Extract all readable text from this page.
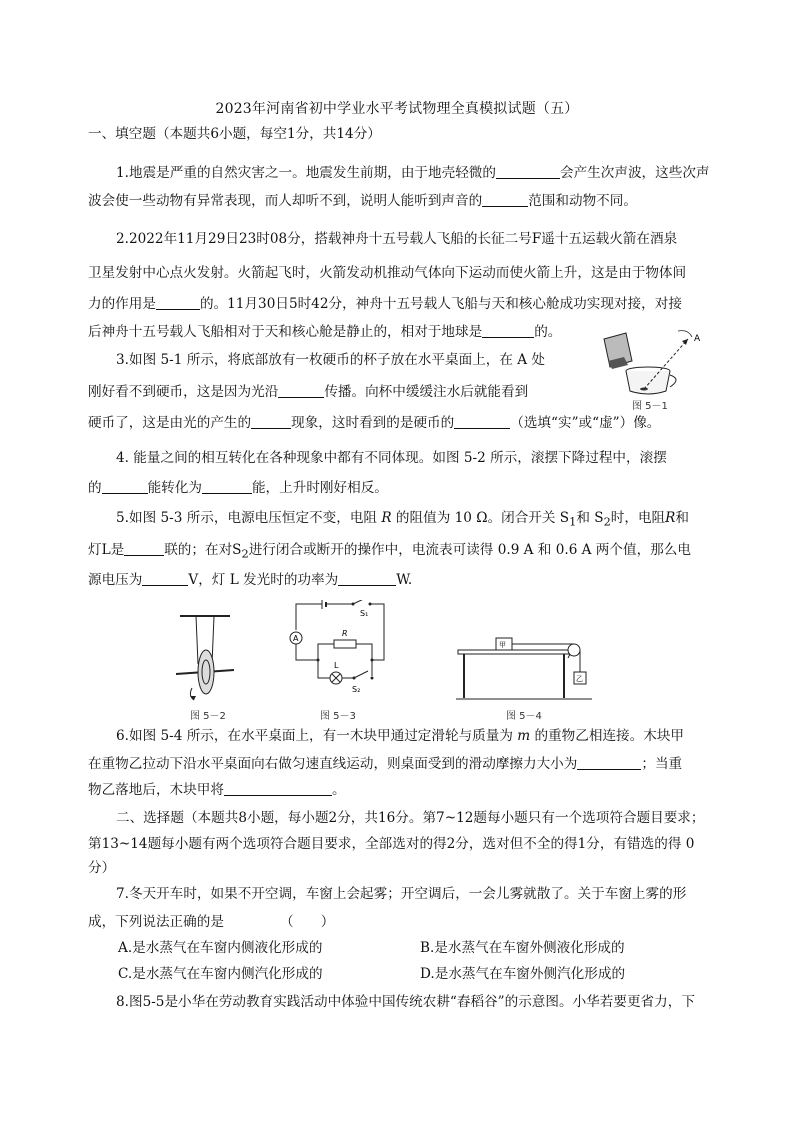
2023年河南省初中学业水平考试物理全真模拟试题（五）
一、填空题（本题共6小题，每空1分，共14分）
1.地震是严重的自然灾害之一。地震发生前期，由于地壳轻微的	会产生次声波，这些次声
波会使一些动物有异常表现，而人却听不到，说明人能听到声音的	范围和动物不同。
2.2022年11月29日23时08分，搭载神舟十五号载人飞船的长征二号F遥十五运载火箭在酒泉
卫星发射中心点火发射。火箭起飞时，火箭发动机推动气体向下运动而使火箭上升，这是由于物体间
力的作用是	的。11月30日5时42分，神舟十五号载人飞船与天和核心舱成功实现对接，对接
后神舟十五号载人飞船相对于天和核心舱是静止的，相对于地球是	的。
3.如图 5-1 所示，将底部放有一枚硬币的杯子放在水平桌面上，在 A 处
刚好看不到硬币，这是因为光沿	传播。向杯中缓缓注水后就能看到
硬币了，这是由光的产生的	现象，这时看到的是硬币的	（选填“实”或“虚”）像。
A
图 5－1
4. 能量之间的相互转化在各种现象中都有不同体现。如图 5-2 所示，滚摆下降过程中，滚摆
的	能转化为	能，上升时刚好相反。
5.如图 5-3 所示，电源电压恒定不变，电阻 R 的阻值为 10 Ω。闭合开关 $S_1$和 $S_2$时，电阻R和
灯L是	联的；在对$S_2$进行闭合或断开的操作中，电流表可读得 0.9 A 和 0.6 A 两个值，那么电
源电压为	V，灯 L 发光时的功率为	W.
图 5－2
S₁
A
R
L
S₂
图 5－3
甲
乙
图 5－4
6.如图 5-4 所示，在水平桌面上，有一木块甲通过定滑轮与质量为 m 的重物乙相连接。木块甲
在重物乙拉动下沿水平桌面向右做匀速直线运动，则桌面受到的滑动摩擦力大小为	；当重
物乙落地后，木块甲将	。
二、选择题（本题共8小题，每小题2分，共16分。第7~12题每小题只有一个选项符合题目要求；
第13~14题每小题有两个选项符合题目要求，全部选对的得2分，选对但不全的得1分，有错选的得 0
分）
7.冬天开车时，如果不开空调，车窗上会起雾；开空调后，一会儿雾就散了。关于车窗上雾的形
成，下列说法正确的是	（　　）
A.是水蒸气在车窗内侧液化形成的	B.是水蒸气在车窗外侧液化形成的
C.是水蒸气在车窗内侧汽化形成的	D.是水蒸气在车窗外侧汽化形成的
8.图5-5是小华在劳动教育实践活动中体验中国传统农耕“舂稻谷”的示意图。小华若要更省力，下
